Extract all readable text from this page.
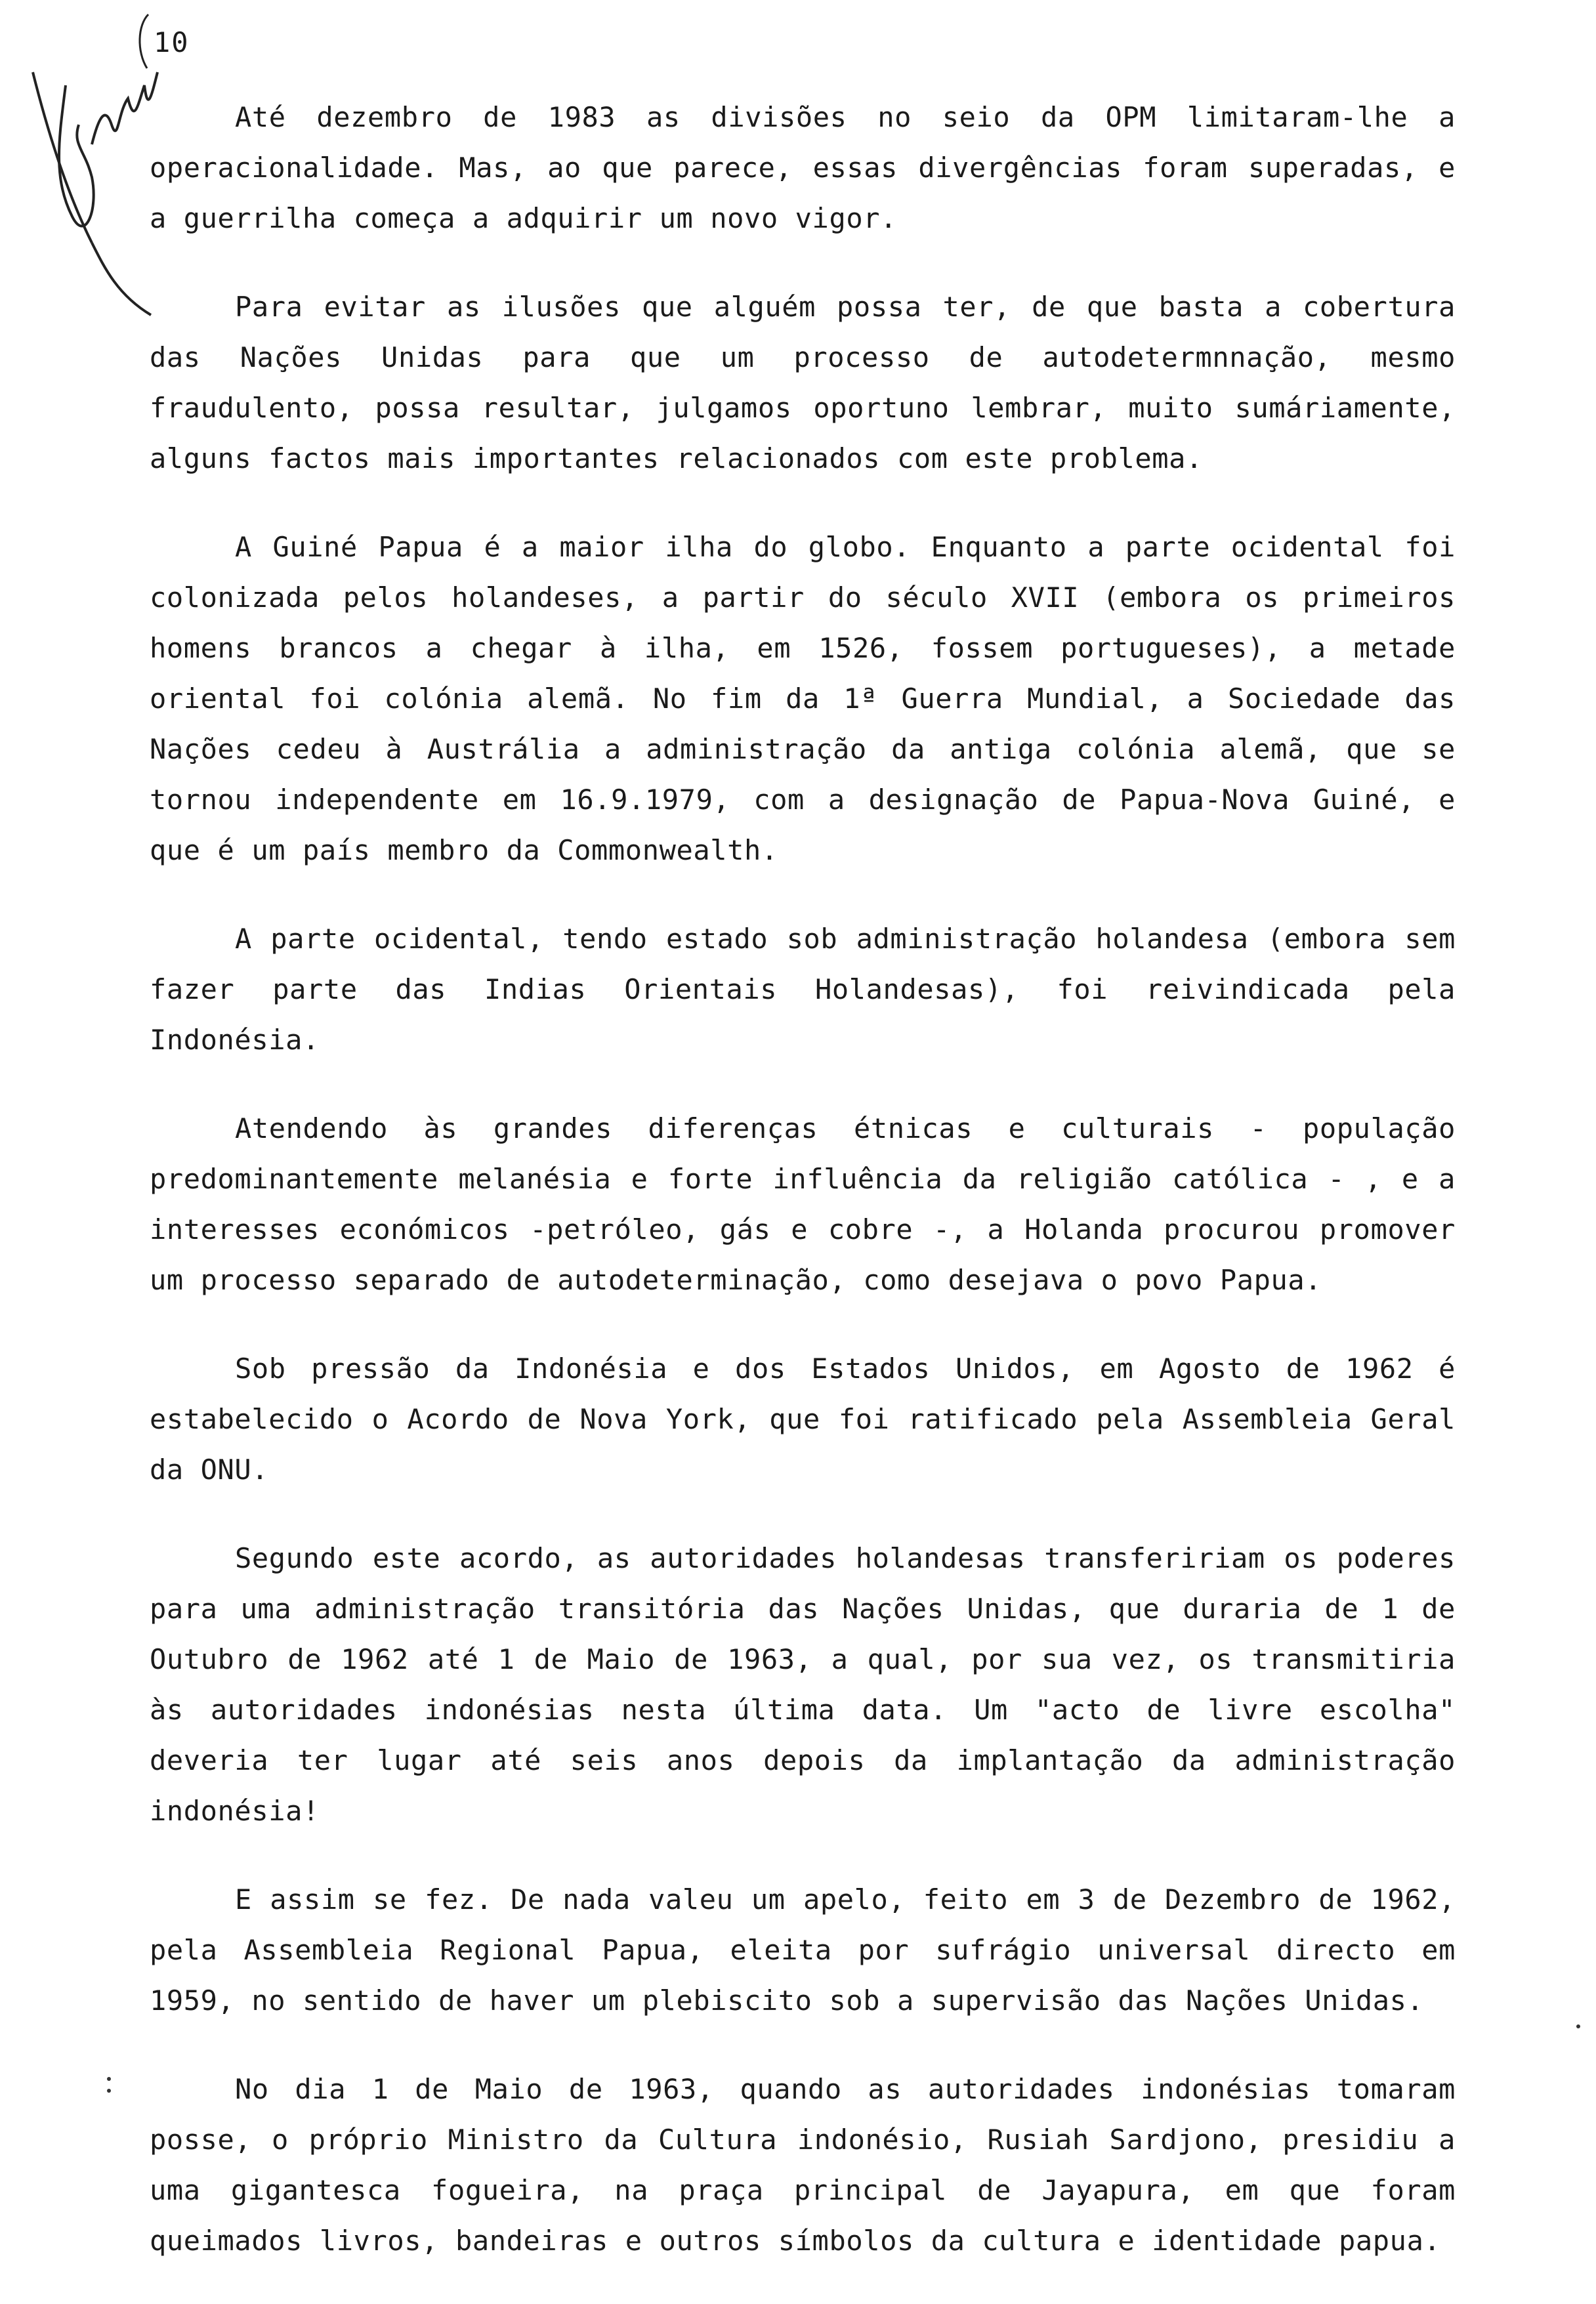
10

Até dezembro de 1983 as divisões no seio da OPM limitaram-lhe a operacionalidade. Mas, ao que parece, essas divergências foram superadas, e a guerrilha começa a adquirir um novo vigor.

Para evitar as ilusões que alguém possa ter, de que basta a cobertura das Nações Unidas para que um processo de autodetermnnação, mesmo fraudulento, possa resultar, julgamos oportuno lembrar, muito sumáriamente, alguns factos mais importantes relacionados com este problema.

A Guiné Papua é a maior ilha do globo. Enquanto a parte ocidental foi colonizada pelos holandeses, a partir do século XVII (embora os primeiros homens brancos a chegar à ilha, em 1526, fossem portugueses), a metade oriental foi colónia alemã. No fim da 1ª Guerra Mundial, a Sociedade das Nações cedeu à Austrália a administração da antiga colónia alemã, que se tornou independente em 16.9.1979, com a designação de Papua-Nova Guiné, e que é um país membro da Commonwealth.

A parte ocidental, tendo estado sob administração holandesa (embora sem fazer parte das Indias Orientais Holandesas), foi reivindicada pela Indonésia.

Atendendo às grandes diferenças étnicas e culturais - população predominantemente melanésia e forte influência da religião católica - , e a interesses económicos -petróleo, gás e cobre -, a Holanda procurou promover um processo separado de autodeterminação, como desejava o povo Papua.

Sob pressão da Indonésia e dos Estados Unidos, em Agosto de 1962 é estabelecido o Acordo de Nova York, que foi ratificado pela Assembleia Geral da ONU.

Segundo este acordo, as autoridades holandesas transfeririam os poderes para uma administração transitória das Nações Unidas, que duraria de 1 de Outubro de 1962 até 1 de Maio de 1963, a qual, por sua vez, os transmitiria às autoridades indonésias nesta última data. Um "acto de livre escolha" deveria ter lugar até seis anos depois da implantação da administração indonésia!

E assim se fez. De nada valeu um apelo, feito em 3 de Dezembro de 1962, pela Assembleia Regional Papua, eleita por sufrágio universal directo em 1959, no sentido de haver um plebiscito sob a supervisão das Nações Unidas.

No dia 1 de Maio de 1963, quando as autoridades indonésias tomaram posse, o próprio Ministro da Cultura indonésio, Rusiah Sardjono, presidiu a uma gigantesca fogueira, na praça principal de Jayapura, em que foram queimados livros, bandeiras e outros símbolos da cultura e identidade papua.
